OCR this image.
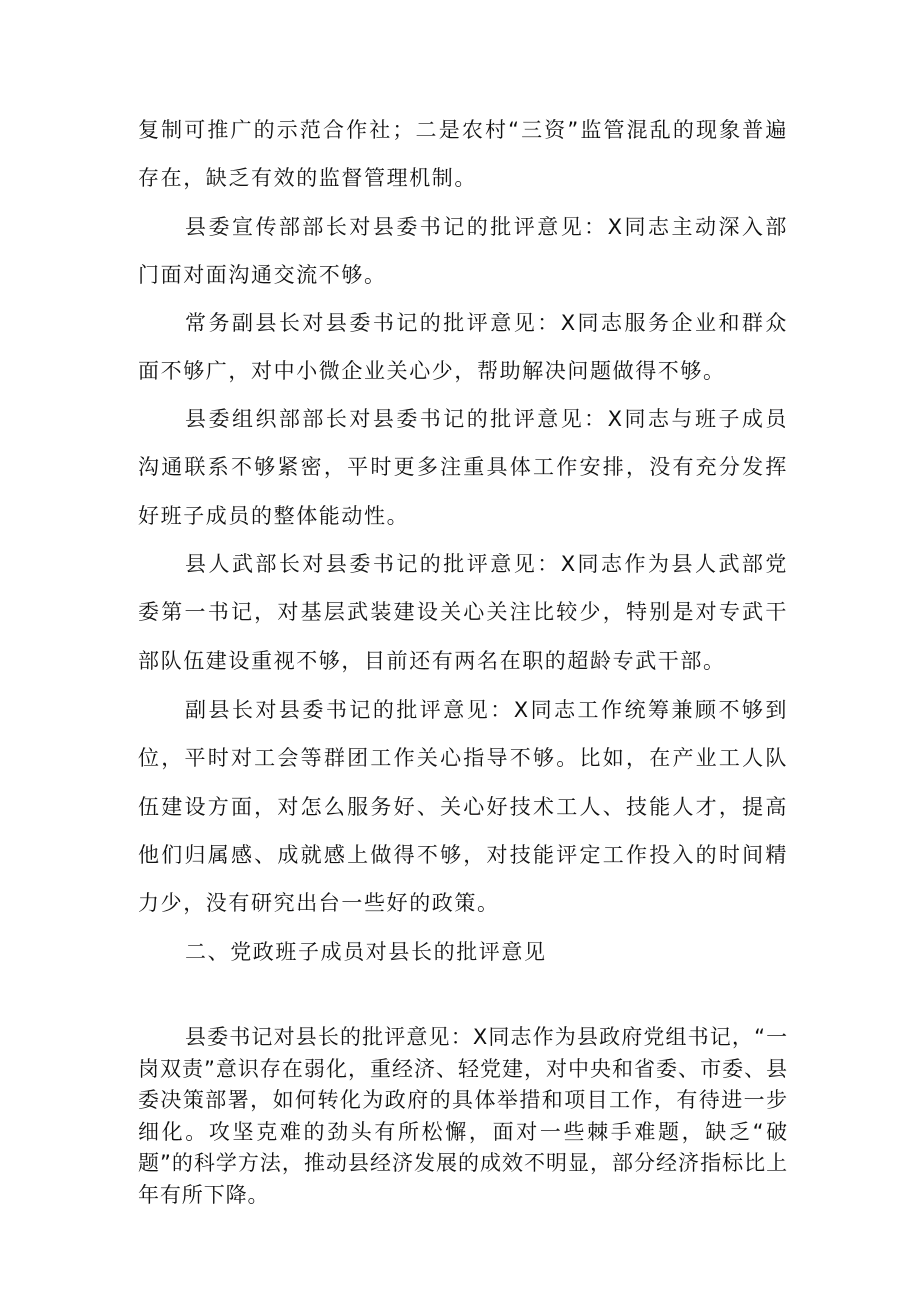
复制可推广的示范合作社；二是农村“三资”监管混乱的现象普遍存在，缺乏有效的监督管理机制。

县委宣传部部长对县委书记的批评意见：X同志主动深入部门面对面沟通交流不够。

常务副县长对县委书记的批评意见：X同志服务企业和群众面不够广，对中小微企业关心少，帮助解决问题做得不够。

县委组织部部长对县委书记的批评意见：X同志与班子成员沟通联系不够紧密，平时更多注重具体工作安排，没有充分发挥好班子成员的整体能动性。

县人武部长对县委书记的批评意见：X同志作为县人武部党委第一书记，对基层武装建设关心关注比较少，特别是对专武干部队伍建设重视不够，目前还有两名在职的超龄专武干部。

副县长对县委书记的批评意见：X同志工作统筹兼顾不够到位，平时对工会等群团工作关心指导不够。比如，在产业工人队伍建设方面，对怎么服务好、关心好技术工人、技能人才，提高他们归属感、成就感上做得不够，对技能评定工作投入的时间精力少，没有研究出台一些好的政策。

二、党政班子成员对县长的批评意见

县委书记对县长的批评意见：X同志作为县政府党组书记，“一岗双责”意识存在弱化，重经济、轻党建，对中央和省委、市委、县委决策部署，如何转化为政府的具体举措和项目工作，有待进一步细化。攻坚克难的劲头有所松懈，面对一些棘手难题，缺乏“破题”的科学方法，推动县经济发展的成效不明显，部分经济指标比上年有所下降。
